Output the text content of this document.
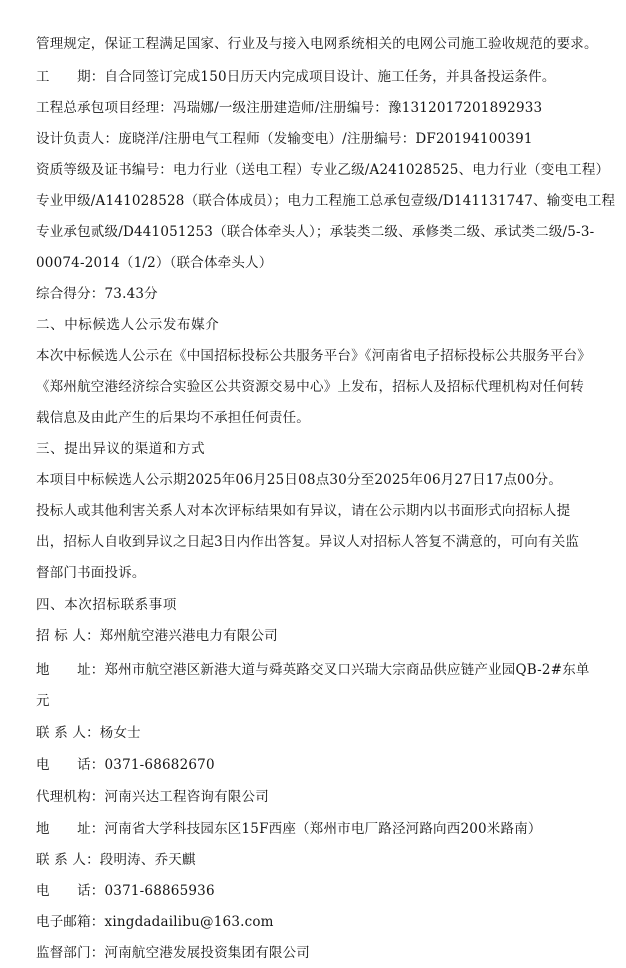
管理规定，保证工程满足国家、行业及与接入电网系统相关的电网公司施工验收规范的要求。
工　　期：自合同签订完成150日历天内完成项目设计、施工任务，并具备投运条件。
工程总承包项目经理：冯瑞娜/一级注册建造师/注册编号：豫1312017201892933
设计负责人：庞晓洋/注册电气工程师（发输变电）/注册编号：DF20194100391
资质等级及证书编号：电力行业（送电工程）专业乙级/A241028525、电力行业（变电工程）
专业甲级/A141028528（联合体成员）；电力工程施工总承包壹级/D141131747、输变电工程
专业承包贰级/D441051253（联合体牵头人）；承装类二级、承修类二级、承试类二级/5-3-
00074-2014（1/2）（联合体牵头人）
综合得分：73.43分
二、中标候选人公示发布媒介
本次中标候选人公示在《中国招标投标公共服务平台》《河南省电子招标投标公共服务平台》
《郑州航空港经济综合实验区公共资源交易中心》上发布，招标人及招标代理机构对任何转
载信息及由此产生的后果均不承担任何责任。
三、提出异议的渠道和方式
本项目中标候选人公示期2025年06月25日08点30分至2025年06月27日17点00分。
投标人或其他利害关系人对本次评标结果如有异议，请在公示期内以书面形式向招标人提
出，招标人自收到异议之日起3日内作出答复。异议人对招标人答复不满意的，可向有关监
督部门书面投诉。
四、本次招标联系事项
招 标 人：郑州航空港兴港电力有限公司
地　　址：郑州市航空港区新港大道与舜英路交叉口兴瑞大宗商品供应链产业园QB-2#东单
元
联 系 人：杨女士
电　　话：0371-68682670
代理机构：河南兴达工程咨询有限公司
地　　址：河南省大学科技园东区15F西座（郑州市电厂路泾河路向西200米路南）
联 系 人：段明涛、乔天麒
电　　话：0371-68865936
电子邮箱：xingdadailibu@163.com
监督部门：河南航空港发展投资集团有限公司
